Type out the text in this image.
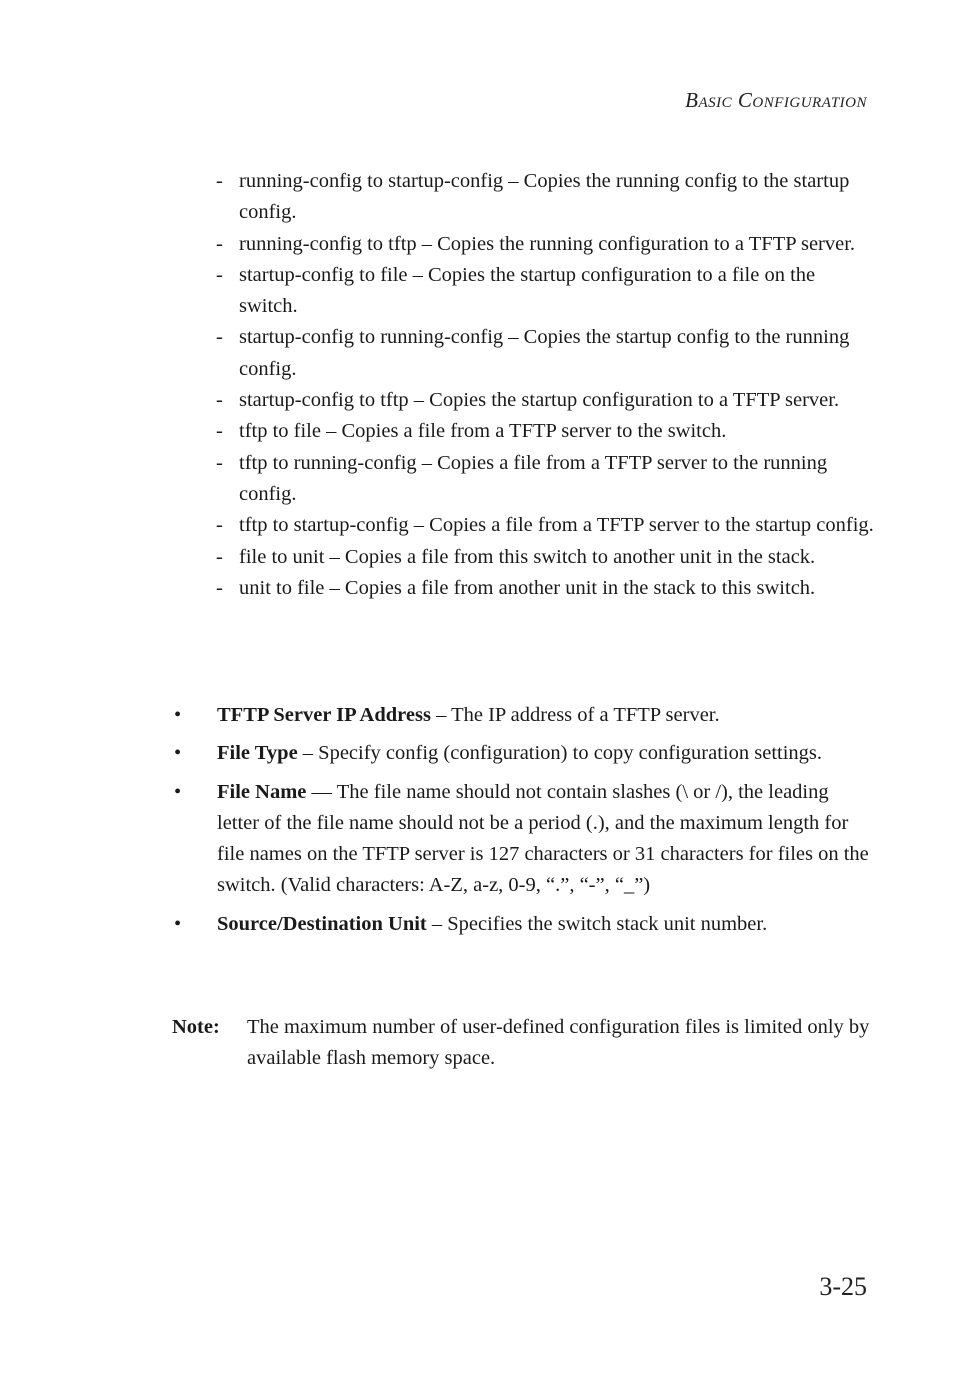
Basic Configuration
- running-config to startup-config – Copies the running config to the startup config.
- running-config to tftp – Copies the running configuration to a TFTP server.
- startup-config to file – Copies the startup configuration to a file on the switch.
- startup-config to running-config – Copies the startup config to the running config.
- startup-config to tftp – Copies the startup configuration to a TFTP server.
- tftp to file – Copies a file from a TFTP server to the switch.
- tftp to running-config – Copies a file from a TFTP server to the running config.
- tftp to startup-config – Copies a file from a TFTP server to the startup config.
- file to unit – Copies a file from this switch to another unit in the stack.
- unit to file – Copies a file from another unit in the stack to this switch.
• TFTP Server IP Address – The IP address of a TFTP server.
• File Type – Specify config (configuration) to copy configuration settings.
• File Name — The file name should not contain slashes (\ or /), the leading letter of the file name should not be a period (.), and the maximum length for file names on the TFTP server is 127 characters or 31 characters for files on the switch. (Valid characters: A-Z, a-z, 0-9, “.”, “-”, “_”)
• Source/Destination Unit – Specifies the switch stack unit number.
Note:	The maximum number of user-defined configuration files is limited only by available flash memory space.
3-25
